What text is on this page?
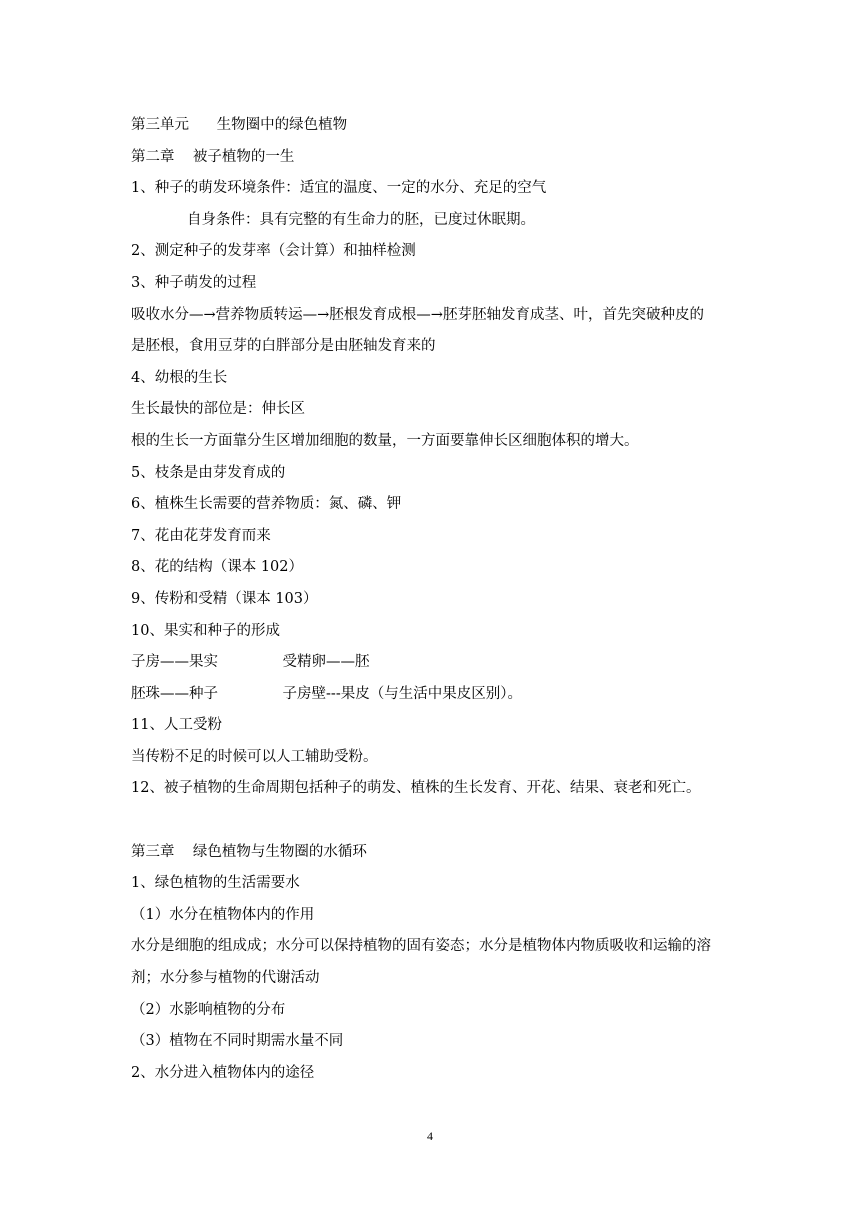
第三单元      生物圈中的绿色植物
第二章    被子植物的一生
1、种子的萌发环境条件：适宜的温度、一定的水分、充足的空气
自身条件：具有完整的有生命力的胚，已度过休眠期。
2、测定种子的发芽率（会计算）和抽样检测
3、种子萌发的过程
吸收水分—→营养物质转运—→胚根发育成根—→胚芽胚轴发育成茎、叶，首先突破种皮的
是胚根，食用豆芽的白胖部分是由胚轴发育来的
4、幼根的生长
生长最快的部位是：伸长区
根的生长一方面靠分生区增加细胞的数量，一方面要靠伸长区细胞体积的增大。
5、枝条是由芽发育成的
6、植株生长需要的营养物质：氮、磷、钾
7、花由花芽发育而来
8、花的结构（课本 102）
9、传粉和受精（课本 103）
10、果实和种子的形成
子房——果实              受精卵——胚
胚珠——种子              子房壁---果皮（与生活中果皮区别）。
11、人工受粉
当传粉不足的时候可以人工辅助受粉。
12、被子植物的生命周期包括种子的萌发、植株的生长发育、开花、结果、衰老和死亡。
第三章    绿色植物与生物圈的水循环
1、绿色植物的生活需要水
（1）水分在植物体内的作用
水分是细胞的组成成；水分可以保持植物的固有姿态；水分是植物体内物质吸收和运输的溶
剂；水分参与植物的代谢活动
（2）水影响植物的分布
（3）植物在不同时期需水量不同
2、水分进入植物体内的途径
4
